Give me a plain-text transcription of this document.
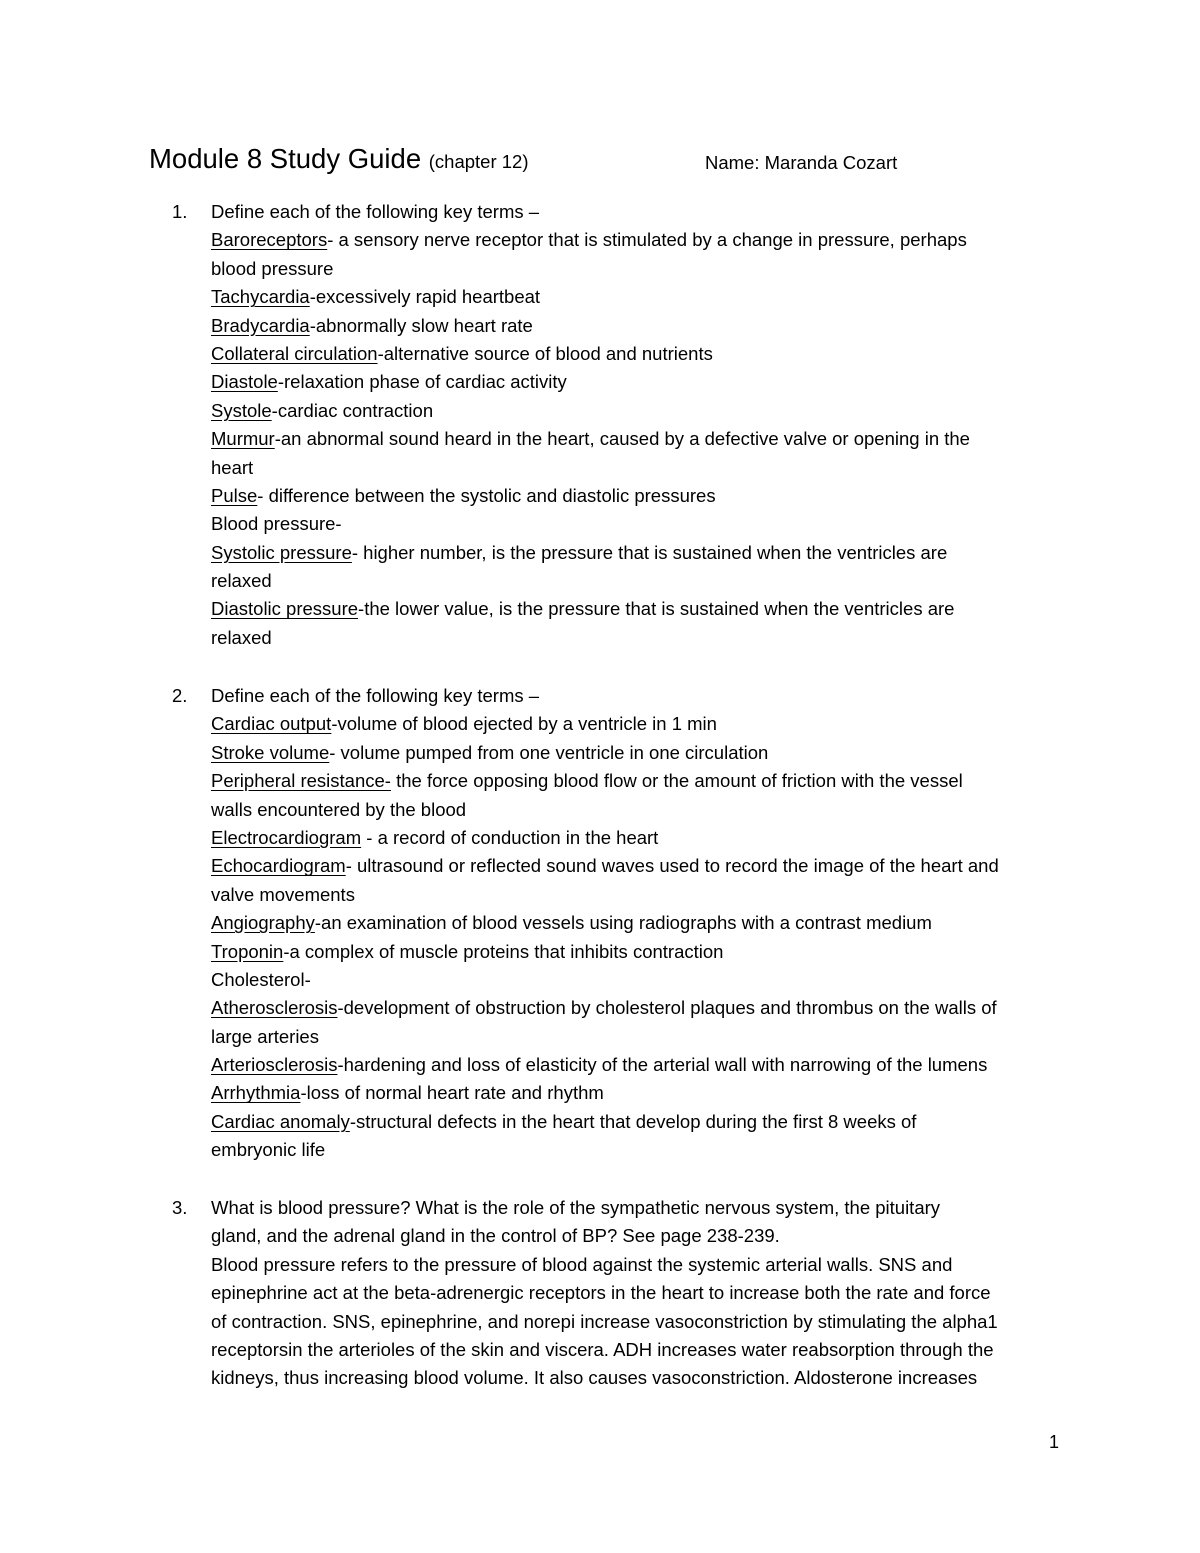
Module 8 Study Guide (chapter 12)	Name: Maranda Cozart
1. Define each of the following key terms –
Baroreceptors- a sensory nerve receptor that is stimulated by a change in pressure, perhaps
blood pressure
Tachycardia-excessively rapid heartbeat
Bradycardia-abnormally slow heart rate
Collateral circulation-alternative source of blood and nutrients
Diastole-relaxation phase of cardiac activity
Systole-cardiac contraction
Murmur-an abnormal sound heard in the heart, caused by a defective valve or opening in the
heart
Pulse- difference between the systolic and diastolic pressures
Blood pressure-
Systolic pressure- higher number, is the pressure that is sustained when the ventricles are
relaxed
Diastolic pressure-the lower value, is the pressure that is sustained when the ventricles are
relaxed
2. Define each of the following key terms –
Cardiac output-volume of blood ejected by a ventricle in 1 min
Stroke volume- volume pumped from one ventricle in one circulation
Peripheral resistance- the force opposing blood flow or the amount of friction with the vessel
walls encountered by the blood
Electrocardiogram - a record of conduction in the heart
Echocardiogram- ultrasound or reflected sound waves used to record the image of the heart and
valve movements
Angiography-an examination of blood vessels using radiographs with a contrast medium
Troponin-a complex of muscle proteins that inhibits contraction
Cholesterol-
Atherosclerosis-development of obstruction by cholesterol plaques and thrombus on the walls of
large arteries
Arteriosclerosis-hardening and loss of elasticity of the arterial wall with narrowing of the lumens
Arrhythmia-loss of normal heart rate and rhythm
Cardiac anomaly-structural defects in the heart that develop during the first 8 weeks of
embryonic life
3. What is blood pressure? What is the role of the sympathetic nervous system, the pituitary
gland, and the adrenal gland in the control of BP? See page 238-239.
Blood pressure refers to the pressure of blood against the systemic arterial walls. SNS and
epinephrine act at the beta-adrenergic receptors in the heart to increase both the rate and force
of contraction. SNS, epinephrine, and norepi increase vasoconstriction by stimulating the alpha1
receptorsin the arterioles of the skin and viscera. ADH increases water reabsorption through the
kidneys, thus increasing blood volume. It also causes vasoconstriction. Aldosterone increases
1
